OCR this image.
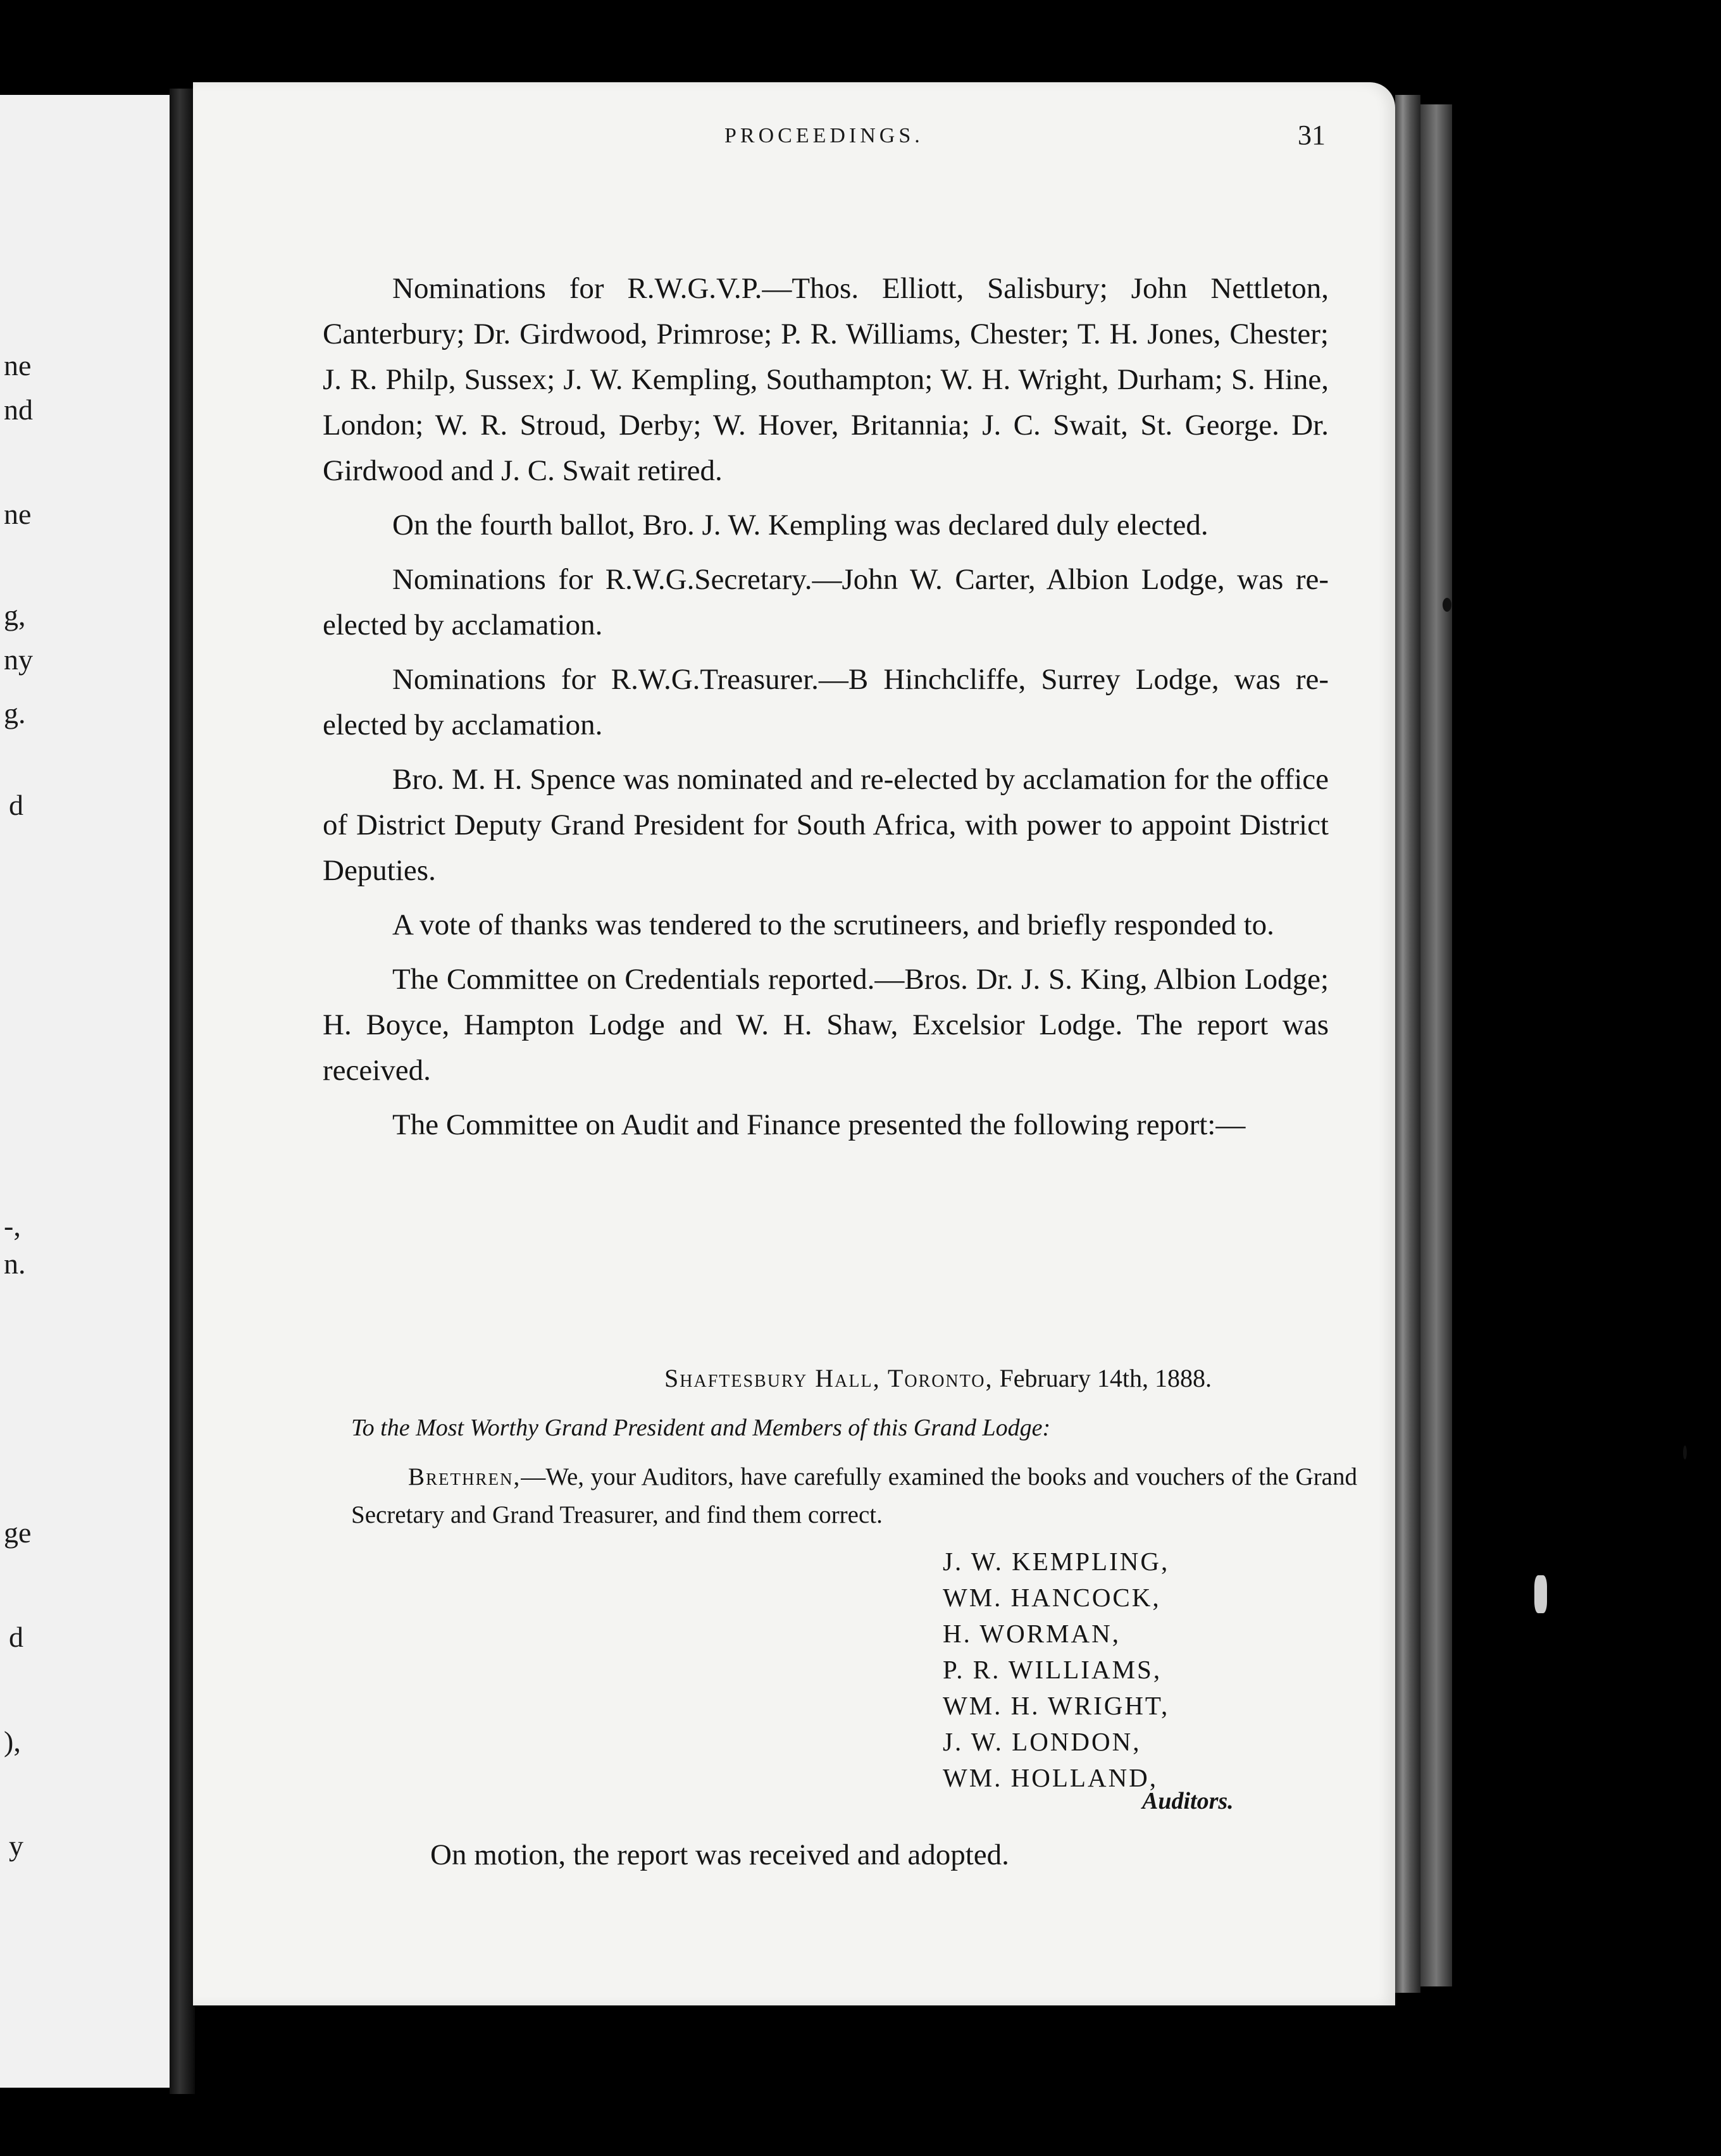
ne
nd
ne
g,
ny
g.
d
-,
n.
ge
d
),
y
PROCEEDINGS.	31

Nominations for R.W.G.V.P.—Thos. Elliott, Salisbury; John Nettleton, Canterbury; Dr. Girdwood, Primrose; P. R. Williams, Chester; T. H. Jones, Chester; J. R. Philp, Sussex; J. W. Kempling, Southampton; W. H. Wright, Durham; S. Hine, London; W. R. Stroud, Derby; W. Hover, Britannia; J. C. Swait, St. George. Dr. Girdwood and J. C. Swait retired.

On the fourth ballot, Bro. J. W. Kempling was declared duly elected.

Nominations for R.W.G.Secretary.—John W. Carter, Albion Lodge, was re-elected by acclamation.

Nominations for R.W.G.Treasurer.—B Hinchcliffe, Surrey Lodge, was re-elected by acclamation.

Bro. M. H. Spence was nominated and re-elected by acclamation for the office of District Deputy Grand President for South Africa, with power to appoint District Deputies.

A vote of thanks was tendered to the scrutineers, and briefly responded to.

The Committee on Credentials reported.—Bros. Dr. J. S. King, Albion Lodge; H. Boyce, Hampton Lodge and W. H. Shaw, Excelsior Lodge. The report was received.

The Committee on Audit and Finance presented the following report:—

Shaftesbury Hall, Toronto, February 14th, 1888.
To the Most Worthy Grand President and Members of this Grand Lodge:
Brethren,—We, your Auditors, have carefully examined the books and vouchers of the Grand Secretary and Grand Treasurer, and find them correct.
J. W. KEMPLING,
WM. HANCOCK,
H. WORMAN,
P. R. WILLIAMS,
WM. H. WRIGHT,
J. W. LONDON,
WM. HOLLAND,
Auditors.
On motion, the report was received and adopted.
